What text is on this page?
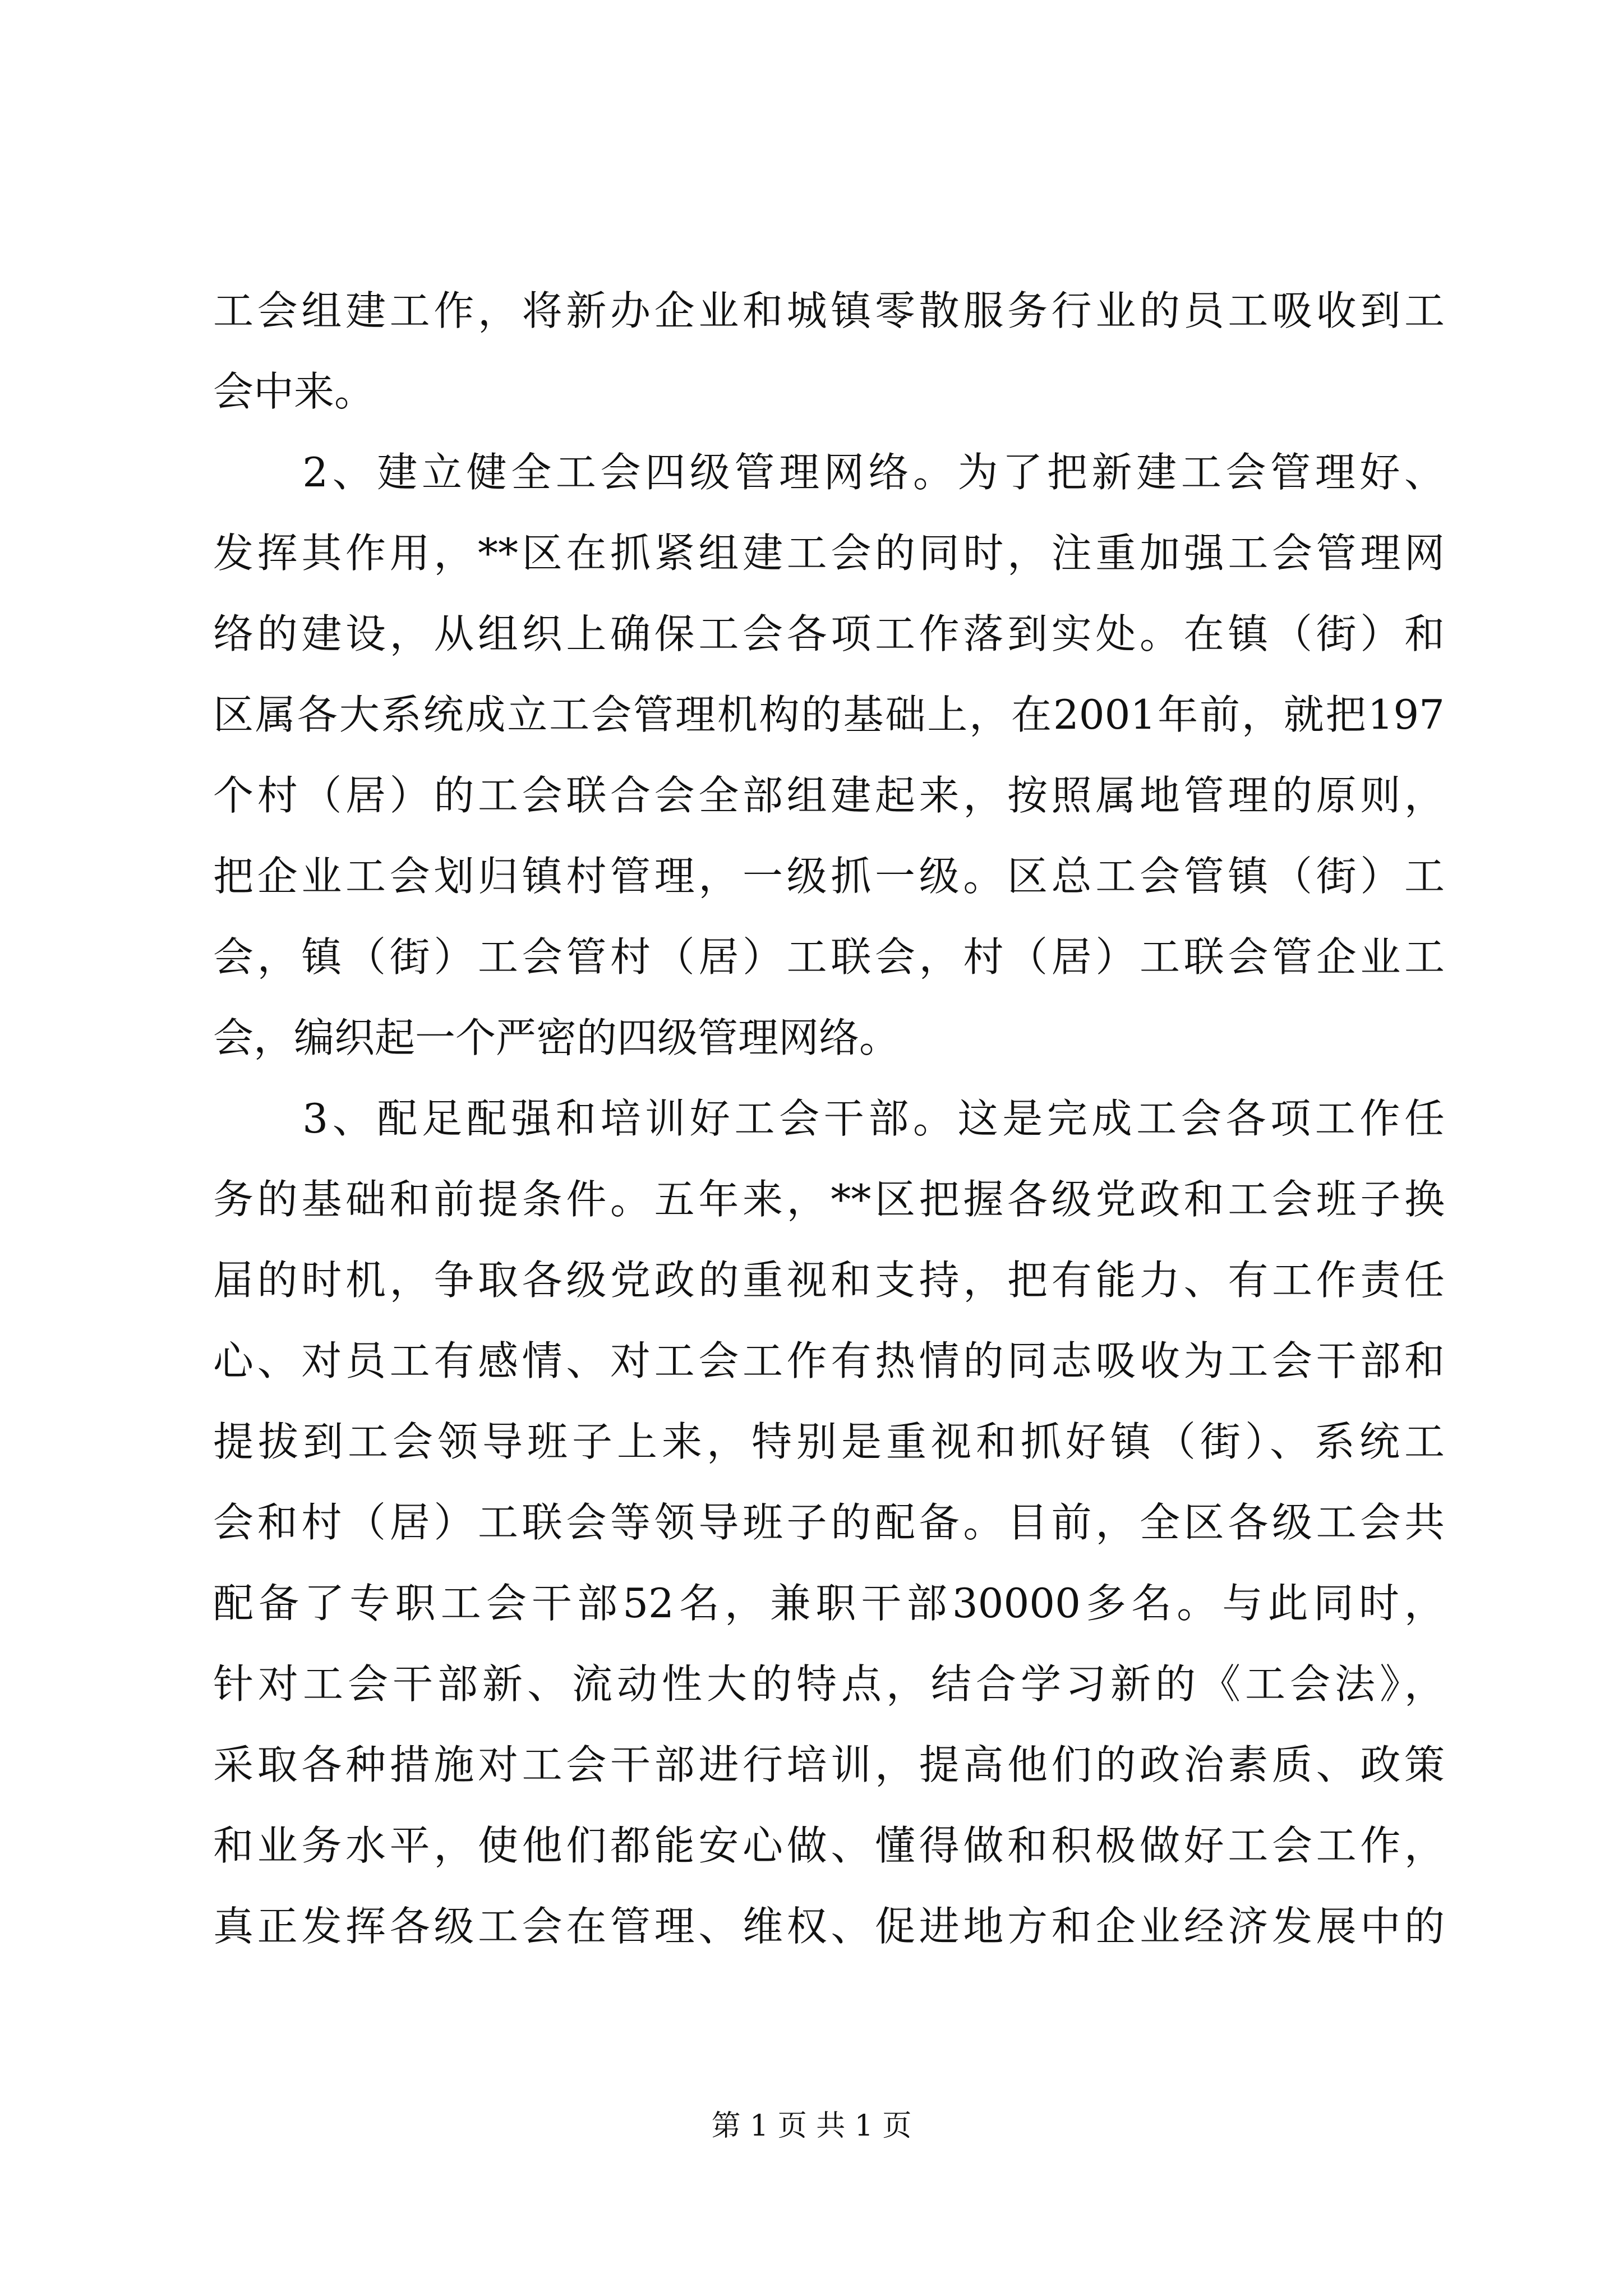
工会组建工作，将新办企业和城镇零散服务行业的员工吸收到工
会中来。
　　2、建立健全工会四级管理网络。为了把新建工会管理好、
发挥其作用，**区在抓紧组建工会的同时，注重加强工会管理网
络的建设，从组织上确保工会各项工作落到实处。在镇（街）和
区属各大系统成立工会管理机构的基础上，在2001年前，就把197
个村（居）的工会联合会全部组建起来，按照属地管理的原则，
把企业工会划归镇村管理，一级抓一级。区总工会管镇（街）工
会，镇（街）工会管村（居）工联会，村（居）工联会管企业工
会，编织起一个严密的四级管理网络。
　　3、配足配强和培训好工会干部。这是完成工会各项工作任
务的基础和前提条件。五年来，**区把握各级党政和工会班子换
届的时机，争取各级党政的重视和支持，把有能力、有工作责任
心、对员工有感情、对工会工作有热情的同志吸收为工会干部和
提拔到工会领导班子上来，特别是重视和抓好镇（街）、系统工
会和村（居）工联会等领导班子的配备。目前，全区各级工会共
配备了专职工会干部52名，兼职干部30000多名。与此同时，
针对工会干部新、流动性大的特点，结合学习新的《工会法》，
采取各种措施对工会干部进行培训，提高他们的政治素质、政策
和业务水平，使他们都能安心做、懂得做和积极做好工会工作，
真正发挥各级工会在管理、维权、促进地方和企业经济发展中的
第 1 页 共 1 页
